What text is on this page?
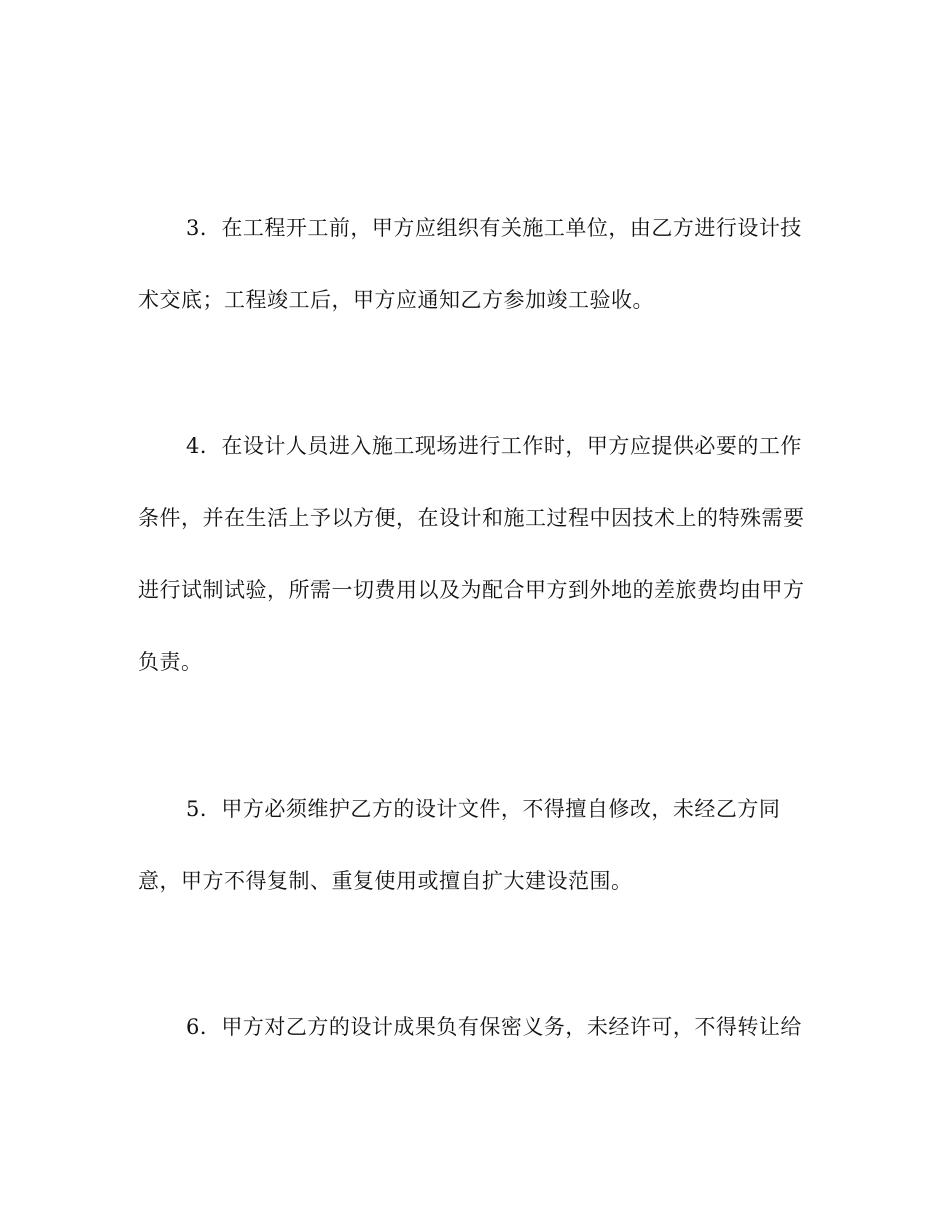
3．在工程开工前，甲方应组织有关施工单位，由乙方进行设计技
术交底；工程竣工后，甲方应通知乙方参加竣工验收。
4．在设计人员进入施工现场进行工作时，甲方应提供必要的工作
条件，并在生活上予以方便，在设计和施工过程中因技术上的特殊需要
进行试制试验，所需一切费用以及为配合甲方到外地的差旅费均由甲方
负责。
5．甲方必须维护乙方的设计文件，不得擅自修改，未经乙方同
意，甲方不得复制、重复使用或擅自扩大建设范围。
6．甲方对乙方的设计成果负有保密义务，未经许可，不得转让给
